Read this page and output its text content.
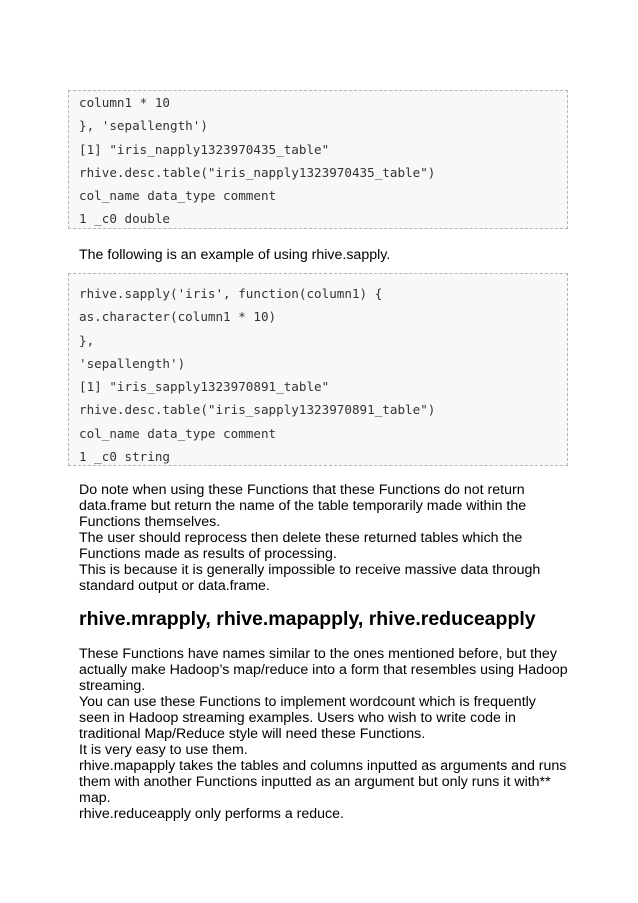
column1 * 10
}, 'sepallength')
[1] "iris_napply1323970435_table"
rhive.desc.table("iris_napply1323970435_table")
col_name data_type comment
1 _c0 double
The following is an example of using rhive.sapply.
rhive.sapply('iris', function(column1) {
as.character(column1 * 10)
},
'sepallength')
[1] "iris_sapply1323970891_table"
rhive.desc.table("iris_sapply1323970891_table")
col_name data_type comment
1 _c0 string
Do note when using these Functions that these Functions do not return
data.frame but return the name of the table temporarily made within the
Functions themselves.
The user should reprocess then delete these returned tables which the
Functions made as results of processing.
This is because it is generally impossible to receive massive data through
standard output or data.frame.
rhive.mrapply, rhive.mapapply, rhive.reduceapply
These Functions have names similar to the ones mentioned before, but they
actually make Hadoop’s map/reduce into a form that resembles using Hadoop
streaming.
You can use these Functions to implement wordcount which is frequently
seen in Hadoop streaming examples. Users who wish to write code in
traditional Map/Reduce style will need these Functions.
It is very easy to use them.
rhive.mapapply takes the tables and columns inputted as arguments and runs
them with another Functions inputted as an argument but only runs it with**
map.
rhive.reduceapply only performs a reduce.
